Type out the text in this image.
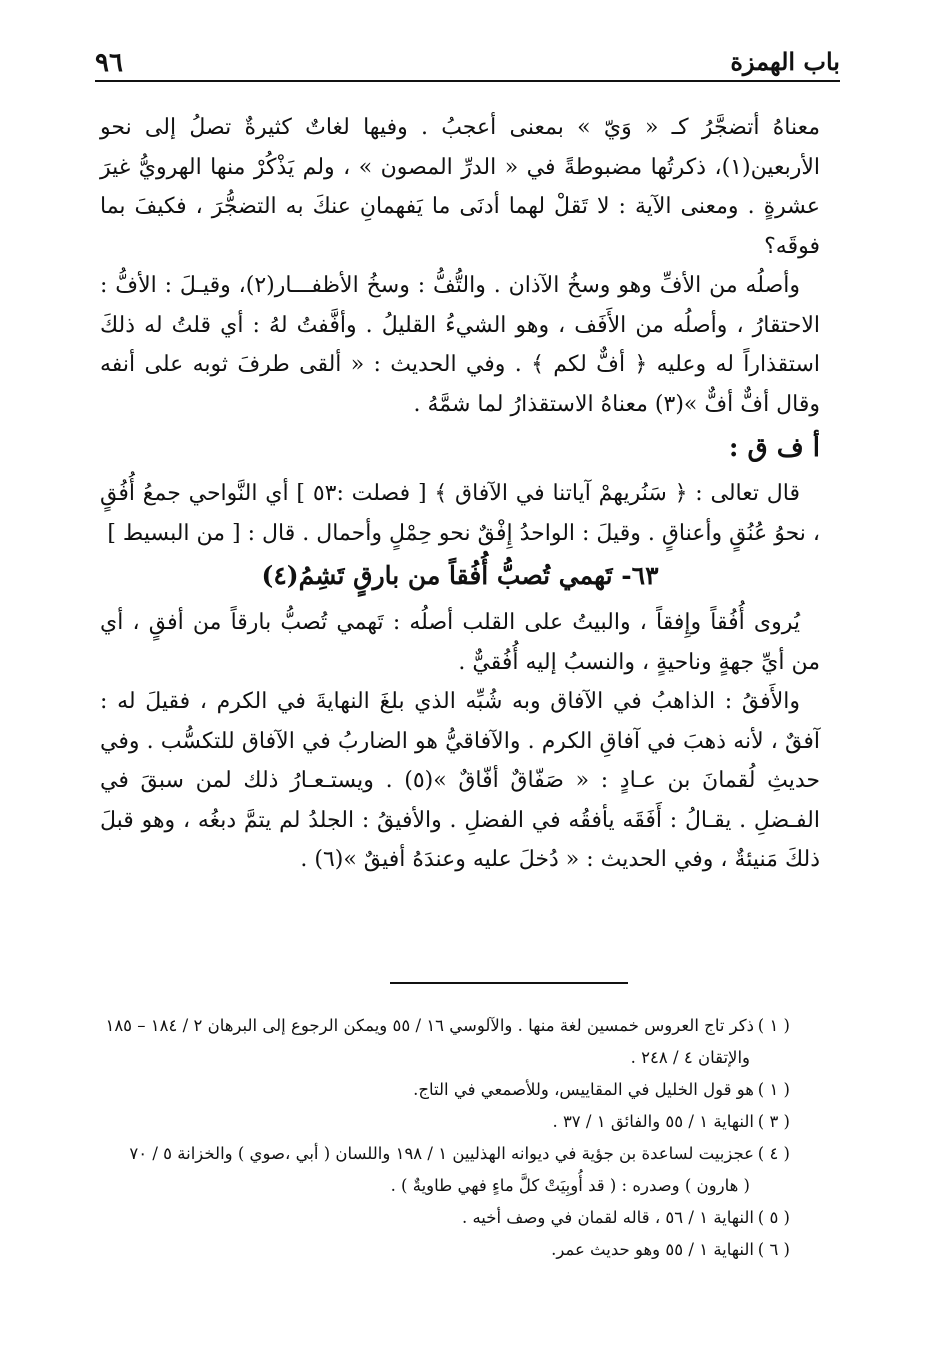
باب الهمزة
٩٦

معناهُ أتضجَّرُ كـ « وَيّ » بمعنى أعجبُ . وفيها لغاتٌ كثيرةٌ تصلُ إلى نحو الأربعين(١)، ذكرتُها مضبوطةً في « الدرِّ المصون » ، ولم يَذْكُرْ منها الهرويُّ غيرَ عشرةٍ . ومعنى الآية : لا تَقلْ لهما أدنَى ما يَفهمانِ عنكَ به التضجُّرَ ، فكيفَ بما فوقَه؟

وأصلُه من الأفِّ وهو وسخُ الآذان . والتُّفُّ : وسخُ الأظفـــار(٢)، وقيـلَ : الأفُّ : الاحتقارُ ، وأصلُه من الأَفَف ، وهو الشيءُ القليلُ . وأفَّفتُ لهُ : أي قلتُ له ذلكَ استقذاراً له وعليه ﴿ أفٌّ لكم ﴾ . وفي الحديث : « ألقى طرفَ ثوبه على أنفه وقال أفٌّ أفٌّ »(٣) معناهُ الاستقذارُ لما شمَّهُ .

أ ف ق :

قال تعالى : ﴿ سَنُريهمْ آياتنا في الآفاق ﴾ [ فصلت :٥٣ ] أي النَّواحي جمعُ أُفُقٍ ، نحوُ عُنُقٍ وأعناقٍ . وقيلَ : الواحدُ إِفْقٌ نحو حِمْلٍ وأحمال . قال : [ من البسيط ]

٦٣- تَهمي تُصبُّ أُفُقاً من بارقٍ تَشِمُ(٤)

يُروى أُفُقاً وإِفقاً ، والبيتُ على القلب أصلُه : تَهمي تُصبُّ بارقاً من أفقٍ ، أي من أيِّ جهةٍ وناحيةٍ ، والنسبُ إليه أُفُقيٌّ .

والأَفقُ : الذاهبُ في الآفاق وبه شُبِّه الذي بلغَ النهايةَ في الكرم ، فقيلَ له : آفقٌ ، لأنه ذهبَ في آفاقِ الكرم . والآفاقيُّ هو الضاربُ في الآفاق للتكسُّب . وفي حديثِ لُقمانَ بن عـادٍ : « صَفّاقٌ أفّاقٌ »(٥) . ويستـعـارُ ذلك لمن سبقَ في الفـضلِ . يقـالُ : أَفَقَه يأفقُه في الفضلِ . والأفيقُ : الجلدُ لم يتمَّ دبغُه ، وهو قبلَ ذلكَ مَنيئةٌ ، وفي الحديث : « دُخلَ عليه وعندَهُ أفيقٌ »(٦) .

( ١ )ذكر تاج العروس خمسين لغة منها . والآلوسي ١٦ / ٥٥ ويمكن الرجوع إلى البرهان ٢ / ١٨٤ – ١٨٥

والإتقان ٤ / ٢٤٨ .

( ١ )هو قول الخليل في المقاييس، وللأصمعي في التاج.

( ٣ )النهاية ١ / ٥٥ والفائق ١ / ٣٧ .

( ٤ )عجزبيت لساعدة بن جؤية في ديوانه الهذليين ١ / ١٩٨ واللسان ( أبي ،صوي ) والخزانة ٥ / ٧٠

( هارون ) وصدره : ( قد أُوبِيَتْ كلَّ ماءٍ فهي طاويةٌ ) .

( ٥ )النهاية ١ / ٥٦ ، قاله لقمان في وصف أخيه .

( ٦ )النهاية ١ / ٥٥ وهو حديث عمر.
